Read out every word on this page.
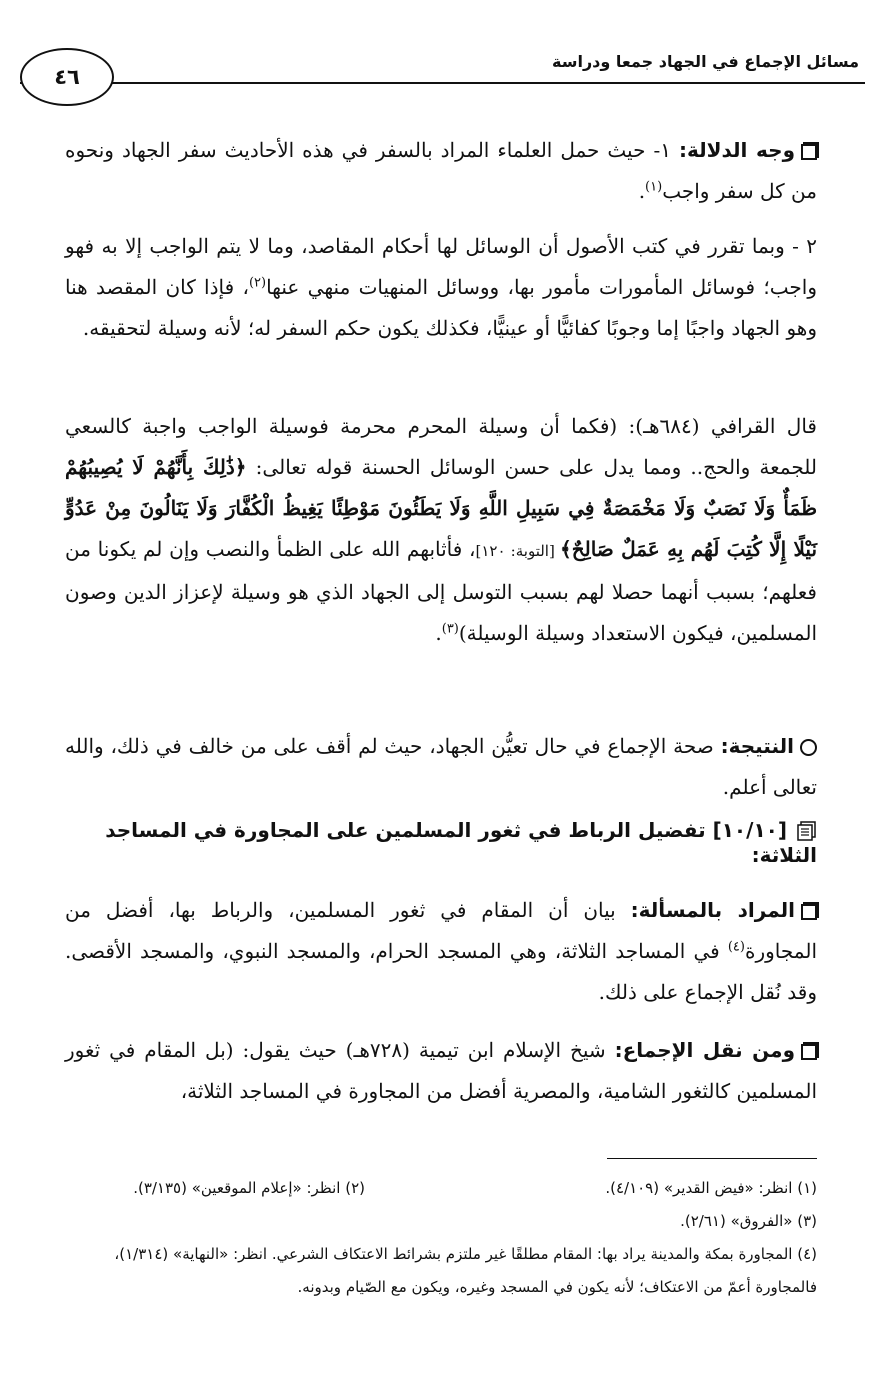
مسائل الإجماع في الجهاد جمعا ودراسة
٤٦
وجه الدلالة: ١- حيث حمل العلماء المراد بالسفر في هذه الأحاديث سفر الجهاد ونحوه من كل سفر واجب$^{(١)}$.
٢ - وبما تقرر في كتب الأصول أن الوسائل لها أحكام المقاصد، وما لا يتم الواجب إلا به فهو واجب؛ فوسائل المأمورات مأمور بها، ووسائل المنهيات منهي عنها$^{(٢)}$، فإذا كان المقصد هنا وهو الجهاد واجبًا إما وجوبًا كفائيًّا أو عينيًّا، فكذلك يكون حكم السفر له؛ لأنه وسيلة لتحقيقه.
قال القرافي (٦٨٤هـ): (فكما أن وسيلة المحرم محرمة فوسيلة الواجب واجبة كالسعي للجمعة والحج.. ومما يدل على حسن الوسائل الحسنة قوله تعالى: ﴿ذَٰلِكَ بِأَنَّهُمْ لَا يُصِيبُهُمْ ظَمَأٌ وَلَا نَصَبٌ وَلَا مَخْمَصَةٌ فِي سَبِيلِ اللَّهِ وَلَا يَطَئُونَ مَوْطِئًا يَغِيظُ الْكُفَّارَ وَلَا يَنَالُونَ مِنْ عَدُوٍّ نَيْلًا إِلَّا كُتِبَ لَهُم بِهِ عَمَلٌ صَالِحٌ﴾ [التوبة: ١٢٠]، فأثابهم الله على الظمأ والنصب وإن لم يكونا من فعلهم؛ بسبب أنهما حصلا لهم بسبب التوسل إلى الجهاد الذي هو وسيلة لإعزاز الدين وصون المسلمين، فيكون الاستعداد وسيلة الوسيلة)$^{(٣)}$.
النتيجة: صحة الإجماع في حال تعيُّن الجهاد، حيث لم أقف على من خالف في ذلك، والله تعالى أعلم.
[١٠/١٠] تفضيل الرباط في ثغور المسلمين على المجاورة في المساجد الثلاثة:
المراد بالمسألة: بيان أن المقام في ثغور المسلمين، والرباط بها، أفضل من المجاورة$^{(٤)}$ في المساجد الثلاثة، وهي المسجد الحرام، والمسجد النبوي، والمسجد الأقصى. وقد نُقل الإجماع على ذلك.
ومن نقل الإجماع: شيخ الإسلام ابن تيمية (٧٢٨هـ) حيث يقول: (بل المقام في ثغور المسلمين كالثغور الشامية، والمصرية أفضل من المجاورة في المساجد الثلاثة،
(١) انظر: «فيض القدير» (٤/١٠٩).
(٢) انظر: «إعلام الموقعين» (٣/١٣٥).
(٣) «الفروق» (٢/٦١).
(٤) المجاورة بمكة والمدينة يراد بها: المقام مطلقًا غير ملتزم بشرائط الاعتكاف الشرعي. انظر: «النهاية» (١/٣١٤)، فالمجاورة أعمّ من الاعتكاف؛ لأنه يكون في المسجد وغيره، ويكون مع الصّيام وبدونه.
